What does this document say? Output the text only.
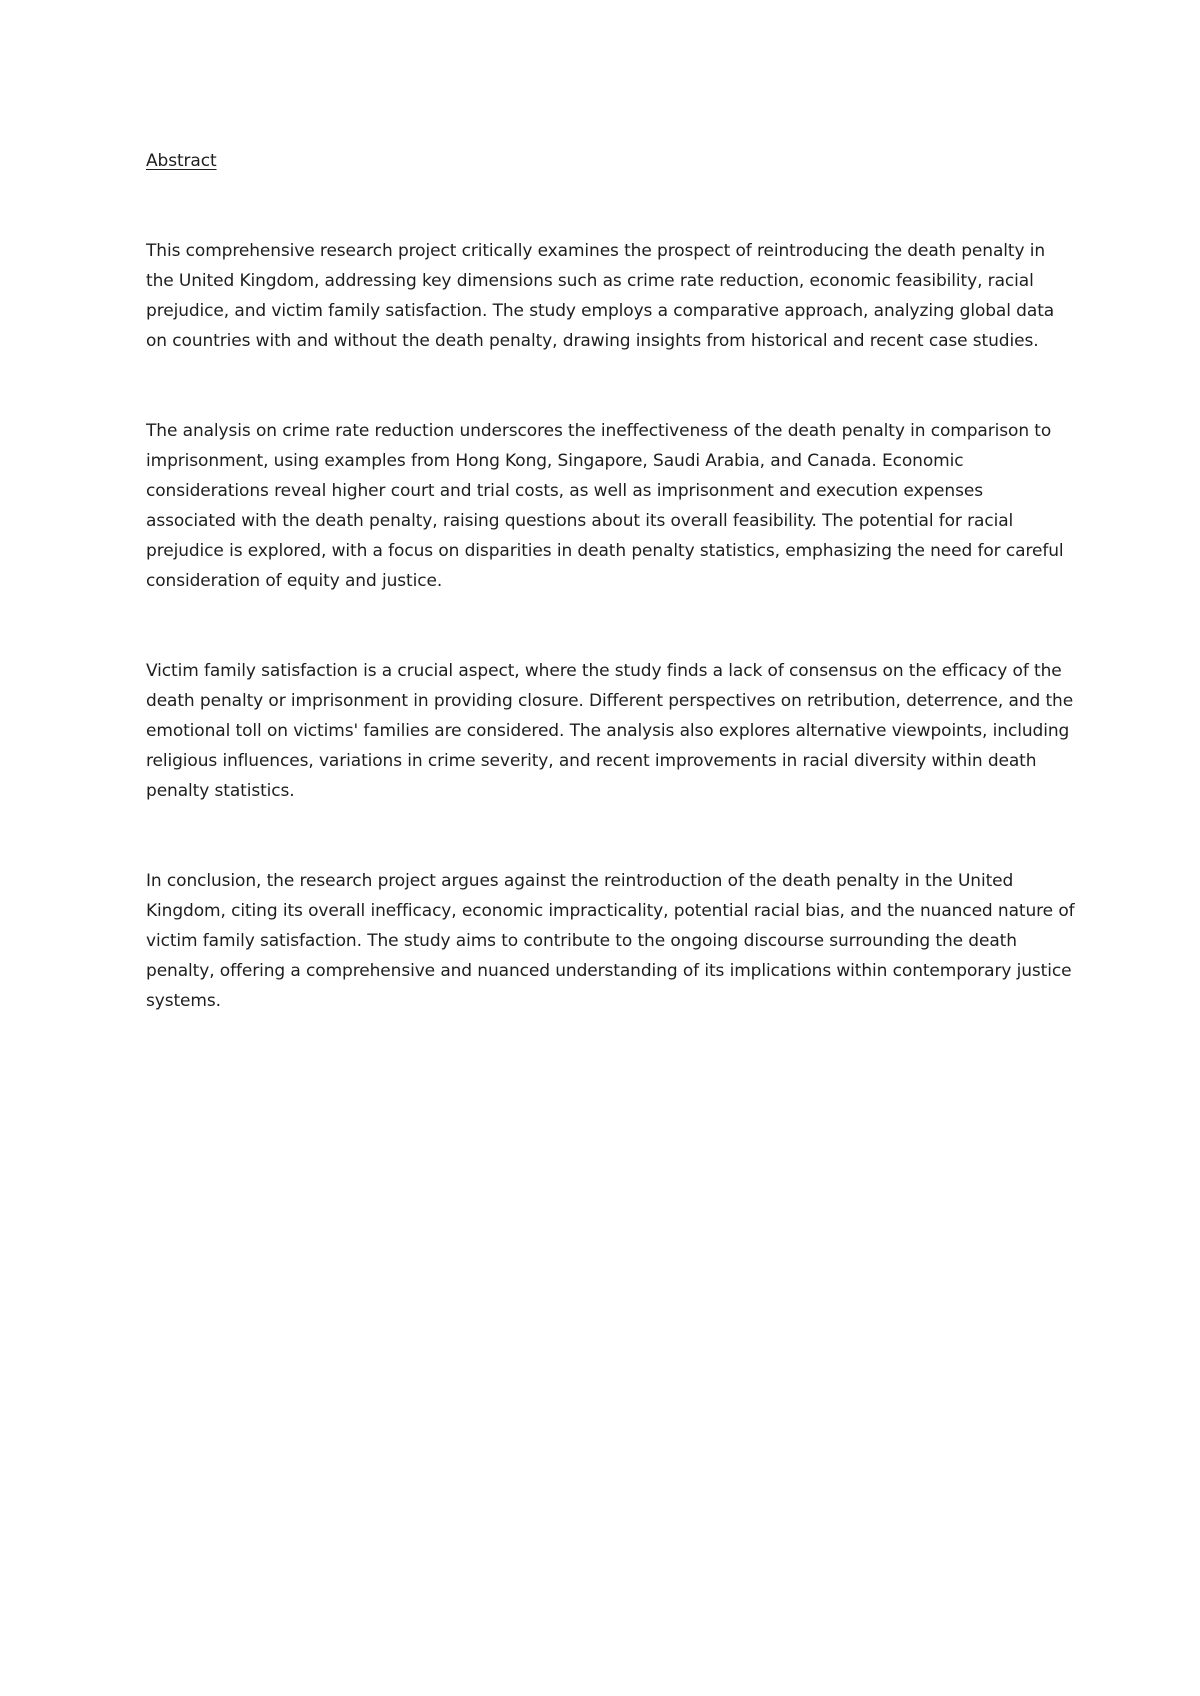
Abstract

This comprehensive research project critically examines the prospect of reintroducing the death penalty in the United Kingdom, addressing key dimensions such as crime rate reduction, economic feasibility, racial prejudice, and victim family satisfaction. The study employs a comparative approach, analyzing global data on countries with and without the death penalty, drawing insights from historical and recent case studies.

The analysis on crime rate reduction underscores the ineffectiveness of the death penalty in comparison to imprisonment, using examples from Hong Kong, Singapore, Saudi Arabia, and Canada. Economic considerations reveal higher court and trial costs, as well as imprisonment and execution expenses associated with the death penalty, raising questions about its overall feasibility. The potential for racial prejudice is explored, with a focus on disparities in death penalty statistics, emphasizing the need for careful consideration of equity and justice.

Victim family satisfaction is a crucial aspect, where the study finds a lack of consensus on the efficacy of the death penalty or imprisonment in providing closure. Different perspectives on retribution, deterrence, and the emotional toll on victims' families are considered. The analysis also explores alternative viewpoints, including religious influences, variations in crime severity, and recent improvements in racial diversity within death penalty statistics.

In conclusion, the research project argues against the reintroduction of the death penalty in the United Kingdom, citing its overall inefficacy, economic impracticality, potential racial bias, and the nuanced nature of victim family satisfaction. The study aims to contribute to the ongoing discourse surrounding the death penalty, offering a comprehensive and nuanced understanding of its implications within contemporary justice systems.
